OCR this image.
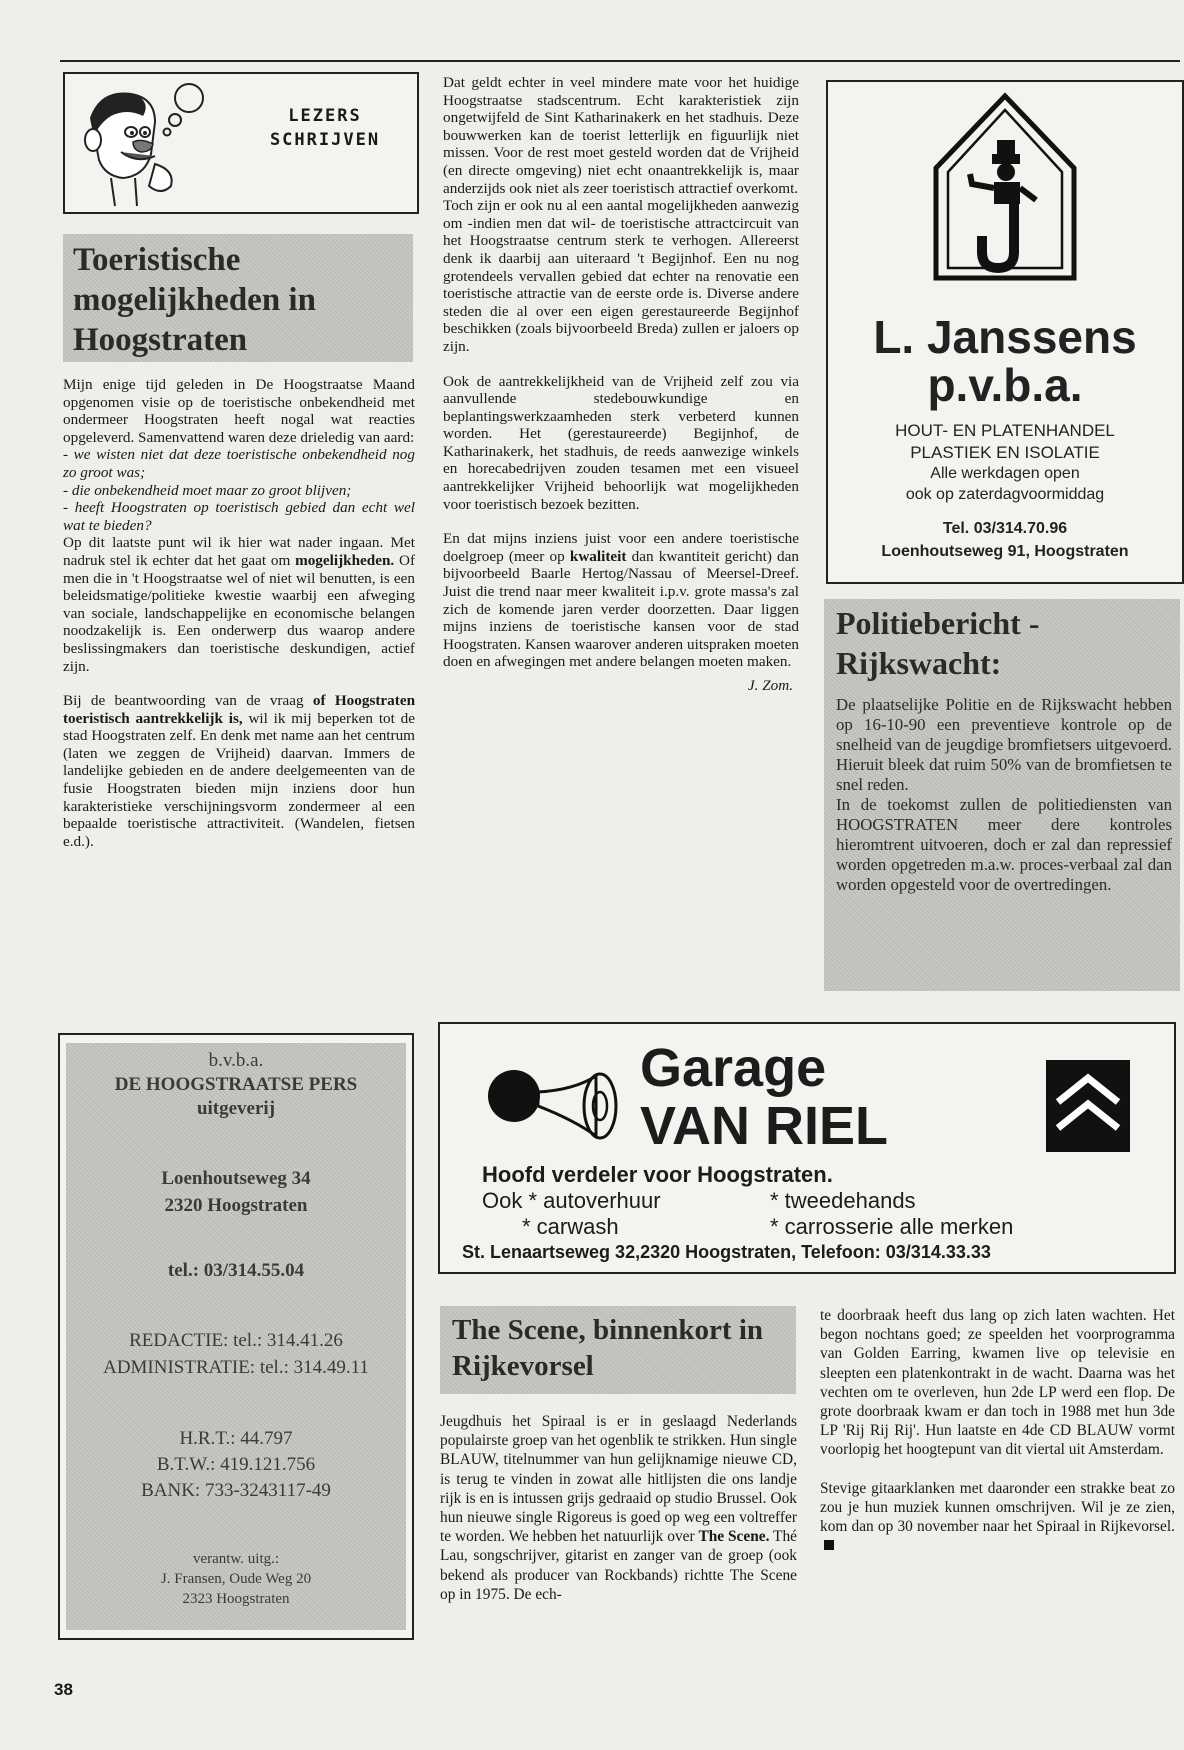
LEZERS
SCHRIJVEN
Toeristische mogelijkheden in Hoogstraten
Mijn enige tijd geleden in De Hoogstraatse Maand opgenomen visie op de toeristische onbekendheid met ondermeer Hoogstraten heeft nogal wat reacties opgeleverd. Samenvattend waren deze drieledig van aard:
- we wisten niet dat deze toeristische onbekendheid nog zo groot was;
- die onbekendheid moet maar zo groot blijven;
- heeft Hoogstraten op toeristisch gebied dan echt wel wat te bieden?

Op dit laatste punt wil ik hier wat nader ingaan. Met nadruk stel ik echter dat het gaat om mogelijkheden. Of men die in 't Hoogstraatse wel of niet wil benutten, is een beleidsmatige/politieke kwestie waarbij een afweging van sociale, landschappelijke en economische belangen noodzakelijk is. Een onderwerp dus waarop andere beslissingmakers dan toeristische deskundigen, actief zijn.

Bij de beantwoording van de vraag of Hoogstraten toeristisch aantrekkelijk is, wil ik mij beperken tot de stad Hoogstraten zelf. En denk met name aan het centrum (laten we zeggen de Vrijheid) daarvan. Immers de landelijke gebieden en de andere deelgemeenten van de fusie Hoogstraten bieden mijn inziens door hun karakteristieke verschijningsvorm zondermeer al een bepaalde toeristische attractiviteit. (Wandelen, fietsen e.d.).

Dat geldt echter in veel mindere mate voor het huidige Hoogstraatse stadscentrum. Echt karakteristiek zijn ongetwijfeld de Sint Katharinakerk en het stadhuis. Deze bouwwerken kan de toerist letterlijk en figuurlijk niet missen. Voor de rest moet gesteld worden dat de Vrijheid (en directe omgeving) niet echt onaantrekkelijk is, maar anderzijds ook niet als zeer toeristisch attractief overkomt.

Toch zijn er ook nu al een aantal mogelijkheden aanwezig om -indien men dat wil- de toeristische attractcircuit van het Hoogstraatse centrum sterk te verhogen. Allereerst denk ik daarbij aan uiteraard 't Begijnhof. Een nu nog grotendeels vervallen gebied dat echter na renovatie een toeristische attractie van de eerste orde is. Diverse andere steden die al over een eigen gerestaureerde Begijnhof beschikken (zoals bijvoorbeeld Breda) zullen er jaloers op zijn.

Ook de aantrekkelijkheid van de Vrijheid zelf zou via aanvullende stedebouwkundige en beplantingswerkzaamheden sterk verbeterd kunnen worden. Het (gerestaureerde) Begijnhof, de Katharinakerk, het stadhuis, de reeds aanwezige winkels en horecabedrijven zouden tesamen met een visueel aantrekkelijker Vrijheid behoorlijk wat mogelijkheden voor toeristisch bezoek bezitten.

En dat mijns inziens juist voor een andere toeristische doelgroep (meer op kwaliteit dan kwantiteit gericht) dan bijvoorbeeld Baarle Hertog/Nassau of Meersel-Dreef. Juist die trend naar meer kwaliteit i.p.v. grote massa's zal zich de komende jaren verder doorzetten. Daar liggen mijns inziens de toeristische kansen voor de stad Hoogstraten. Kansen waarover anderen uitspraken moeten doen en afwegingen met andere belangen moeten maken.

J. Zom.
L. Janssens
p.v.b.a.
HOUT- EN PLATENHANDEL
PLASTIEK EN ISOLATIE
Alle werkdagen open
ook op zaterdagvoormiddag
Tel. 03/314.70.96
Loenhoutseweg 91, Hoogstraten
Politiebericht - Rijkswacht:
De plaatselijke Politie en de Rijkswacht hebben op 16-10-90 een preventieve kontrole op de snelheid van de jeugdige bromfietsers uitgevoerd. Hieruit bleek dat ruim 50% van de bromfietsen te snel reden.
In de toekomst zullen de politiediensten van HOOGSTRATEN meer dere kontroles hieromtrent uitvoeren, doch er zal dan repressief worden opgetreden m.a.w. proces-verbaal zal dan worden opgesteld voor de overtredingen.
b.v.b.a.
DE HOOGSTRAATSE PERS
uitgeverij
Loenhoutseweg 34
2320 Hoogstraten
tel.: 03/314.55.04
REDACTIE: tel.: 314.41.26
ADMINISTRATIE: tel.: 314.49.11
H.R.T.: 44.797
B.T.W.: 419.121.756
BANK: 733-3243117-49
verantw. uitg.:
J. Fransen, Oude Weg 20
2323 Hoogstraten
Garage
VAN RIEL
Hoofd verdeler voor Hoogstraten.
Ook * autoverhuur	* tweedehands
* carwash	* carrosserie alle merken
St. Lenaartseweg 32,2320 Hoogstraten, Telefoon: 03/314.33.33
The Scene, binnenkort in Rijkevorsel
Jeugdhuis het Spiraal is er in geslaagd Nederlands populairste groep van het ogenblik te strikken. Hun single BLAUW, titelnummer van hun gelijknamige nieuwe CD, is terug te vinden in zowat alle hitlijsten die ons landje rijk is en is intussen grijs gedraaid op studio Brussel. Ook hun nieuwe single Rigoreus is goed op weg een voltreffer te worden. We hebben het natuurlijk over The Scene. Thé Lau, songschrijver, gitarist en zanger van de groep (ook bekend als producer van Rockbands) richtte The Scene op in 1975. De ech-

te doorbraak heeft dus lang op zich laten wachten. Het begon nochtans goed; ze speelden het voorprogramma van Golden Earring, kwamen live op televisie en sleepten een platenkontrakt in de wacht. Daarna was het vechten om te overleven, hun 2de LP werd een flop. De grote doorbraak kwam er dan toch in 1988 met hun 3de LP 'Rij Rij Rij'. Hun laatste en 4de CD BLAUW vormt voorlopig het hoogtepunt van dit viertal uit Amsterdam.

Stevige gitaarklanken met daaronder een strakke beat zo zou je hun muziek kunnen omschrijven. Wil je ze zien, kom dan op 30 november naar het Spiraal in Rijkevorsel.

38
